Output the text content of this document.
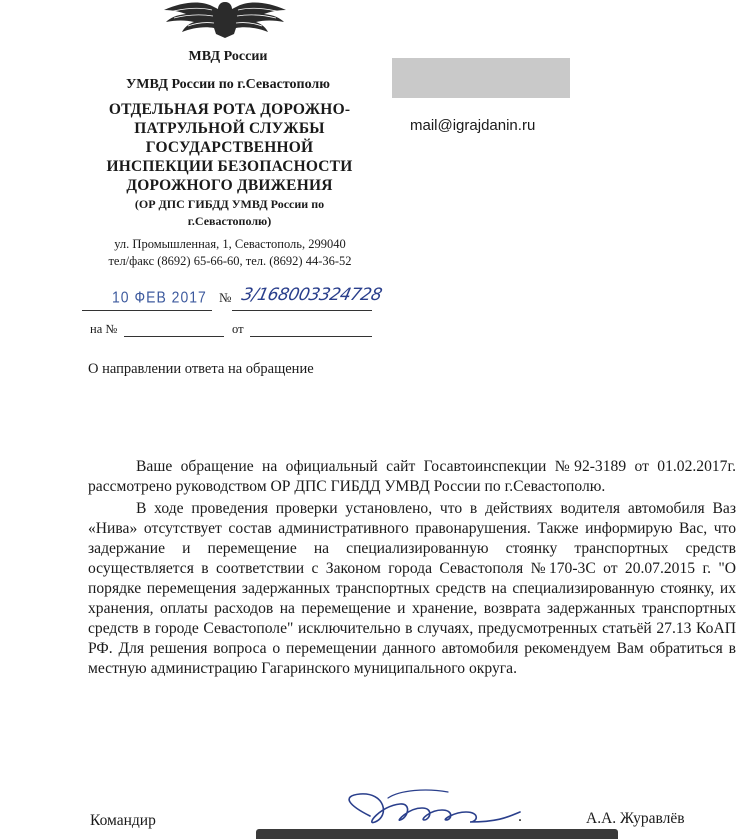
МВД России
УМВД России по г.Севастополю
ОТДЕЛЬНАЯ РОТА ДОРОЖНО-ПАТРУЛЬНОЙ СЛУЖБЫ ГОСУДАРСТВЕННОЙ ИНСПЕКЦИИ БЕЗОПАСНОСТИ ДОРОЖНОГО ДВИЖЕНИЯ
(ОР ДПС ГИБДД УМВД России по г.Севастополю)
ул. Промышленная, 1, Севастополь, 299040
тел/факс (8692) 65-66-60, тел. (8692) 44-36-52
mail@igrajdanin.ru
10 ФЕВ 2017 № 3/168003324728
на №	от
О направлении ответа на обращение

Ваше обращение на официальный сайт Госавтоинспекции №92-3189 от 01.02.2017г. рассмотрено руководством ОР ДПС ГИБДД УМВД России по г.Севастополю.

В ходе проведения проверки установлено, что в действиях водителя автомобиля Ваз «Нива» отсутствует состав административного правонарушения. Также информирую Вас, что задержание и перемещение на специализированную стоянку транспортных средств осуществляется в соответствии с Законом города Севастополя №170-3С от 20.07.2015 г. "О порядке перемещения задержанных транспортных средств на специализированную стоянку, их хранения, оплаты расходов на перемещение и хранение, возврата задержанных транспортных средств в городе Севастополе" исключительно в случаях, предусмотренных статьёй 27.13 КоАП РФ. Для решения вопроса о перемещении данного автомобиля рекомендуем Вам обратиться в местную администрацию Гагаринского муниципального округа.

Командир	.	А.А. Журавлёв
